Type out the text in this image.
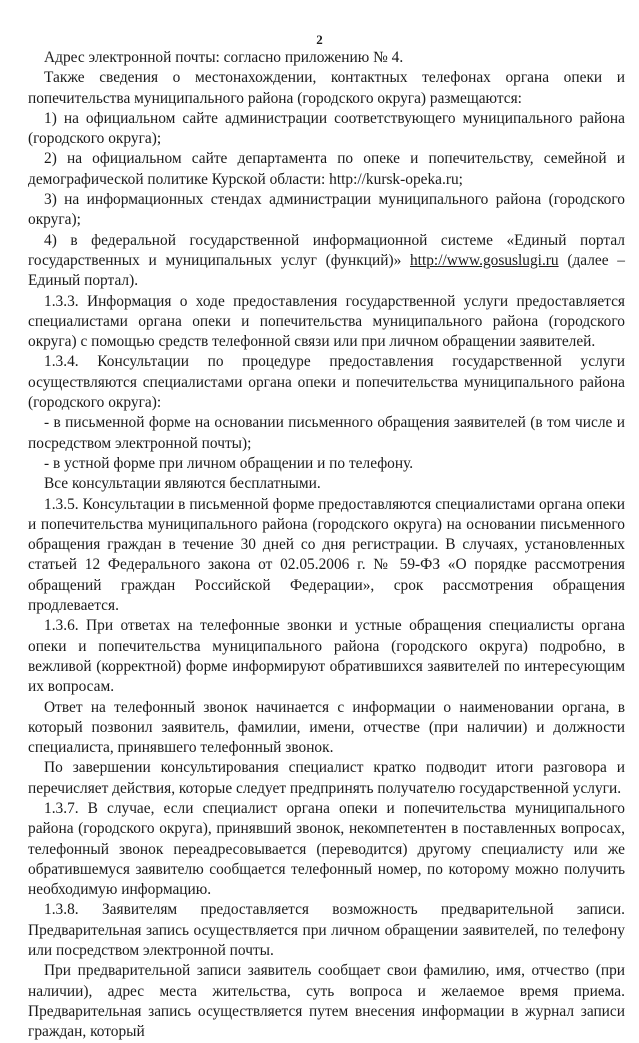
2

Адрес электронной почты: согласно приложению № 4.

Также сведения о местонахождении, контактных телефонах органа опеки и попечительства муниципального района (городского округа) размещаются:

1) на официальном сайте администрации соответствующего муниципального района (городского округа);

2) на официальном сайте департамента по опеке и попечительству, семейной и демографической политике Курской области: http://kursk-opeka.ru;

3) на информационных стендах администрации муниципального района (городского округа);

4) в федеральной государственной информационной системе «Единый портал государственных и муниципальных услуг (функций)» http://www.gosuslugi.ru (далее – Единый портал).

1.3.3. Информация о ходе предоставления государственной услуги предоставляется специалистами органа опеки и попечительства муниципального района (городского округа) с помощью средств телефонной связи или при личном обращении заявителей.

1.3.4. Консультации по процедуре предоставления государственной услуги осуществляются специалистами органа опеки и попечительства муниципального района (городского округа):

- в письменной форме на основании письменного обращения заявителей (в том числе и посредством электронной почты);

- в устной форме при личном обращении и по телефону.

Все консультации являются бесплатными.

1.3.5. Консультации в письменной форме предоставляются специалистами органа опеки и попечительства муниципального района (городского округа) на основании письменного обращения граждан в течение 30 дней со дня регистрации. В случаях, установленных статьей 12 Федерального закона от 02.05.2006 г. № 59-ФЗ «О порядке рассмотрения обращений граждан Российской Федерации», срок рассмотрения обращения продлевается.

1.3.6. При ответах на телефонные звонки и устные обращения специалисты органа опеки и попечительства муниципального района (городского округа) подробно, в вежливой (корректной) форме информируют обратившихся заявителей по интересующим их вопросам.

Ответ на телефонный звонок начинается с информации о наименовании органа, в который позвонил заявитель, фамилии, имени, отчестве (при наличии) и должности специалиста, принявшего телефонный звонок.

По завершении консультирования специалист кратко подводит итоги разговора и перечисляет действия, которые следует предпринять получателю государственной услуги.

1.3.7. В случае, если специалист органа опеки и попечительства муниципального района (городского округа), принявший звонок, некомпетентен в поставленных вопросах, телефонный звонок переадресовывается (переводится) другому специалисту или же обратившемуся заявителю сообщается телефонный номер, по которому можно получить необходимую информацию.

1.3.8. Заявителям предоставляется возможность предварительной записи. Предварительная запись осуществляется при личном обращении заявителей, по телефону или посредством электронной почты.

При предварительной записи заявитель сообщает свои фамилию, имя, отчество (при наличии), адрес места жительства, суть вопроса и желаемое время приема. Предварительная запись осуществляется путем внесения информации в журнал записи граждан, который
